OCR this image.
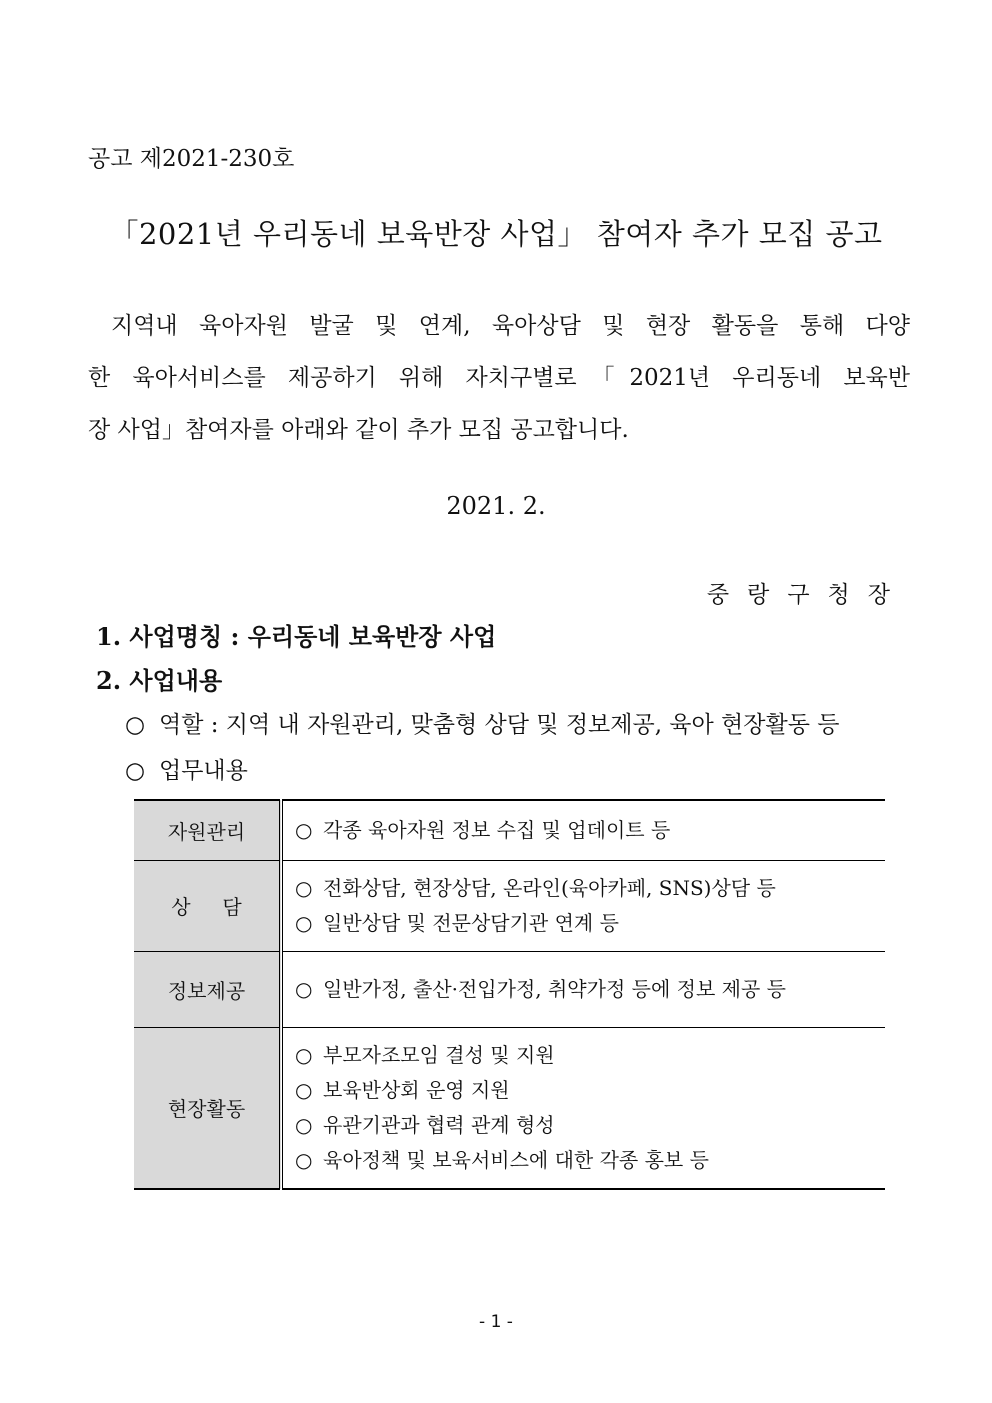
공고 제2021-230호
「2021년 우리동네 보육반장 사업」 참여자 추가 모집 공고
지역내 육아자원 발굴 및 연계, 육아상담 및 현장 활동을 통해 다양
한 육아서비스를 제공하기 위해 자치구별로「2021년 우리동네 보육반
장 사업」참여자를 아래와 같이 추가 모집 공고합니다.
2021. 2.
중랑구청장
1. 사업명칭 : 우리동네 보육반장 사업
2. 사업내용
○ 역할 : 지역 내 자원관리, 맞춤형 상담 및 정보제공, 육아 현장활동 등
○ 업무내용
자원관리	○ 각종 육아자원 정보 수집 및 업데이트 등

상     담	○ 전화상담, 현장상담, 온라인(육아카페, SNS)상담 등
○ 일반상담 및 전문상담기관 연계 등

정보제공	○ 일반가정, 출산·전입가정, 취약가정 등에 정보 제공 등

현장활동	○ 부모자조모임 결성 및 지원
○ 보육반상회 운영 지원
○ 유관기관과 협력 관계 형성
○ 육아정책 및 보육서비스에 대한 각종 홍보 등
- 1 -
